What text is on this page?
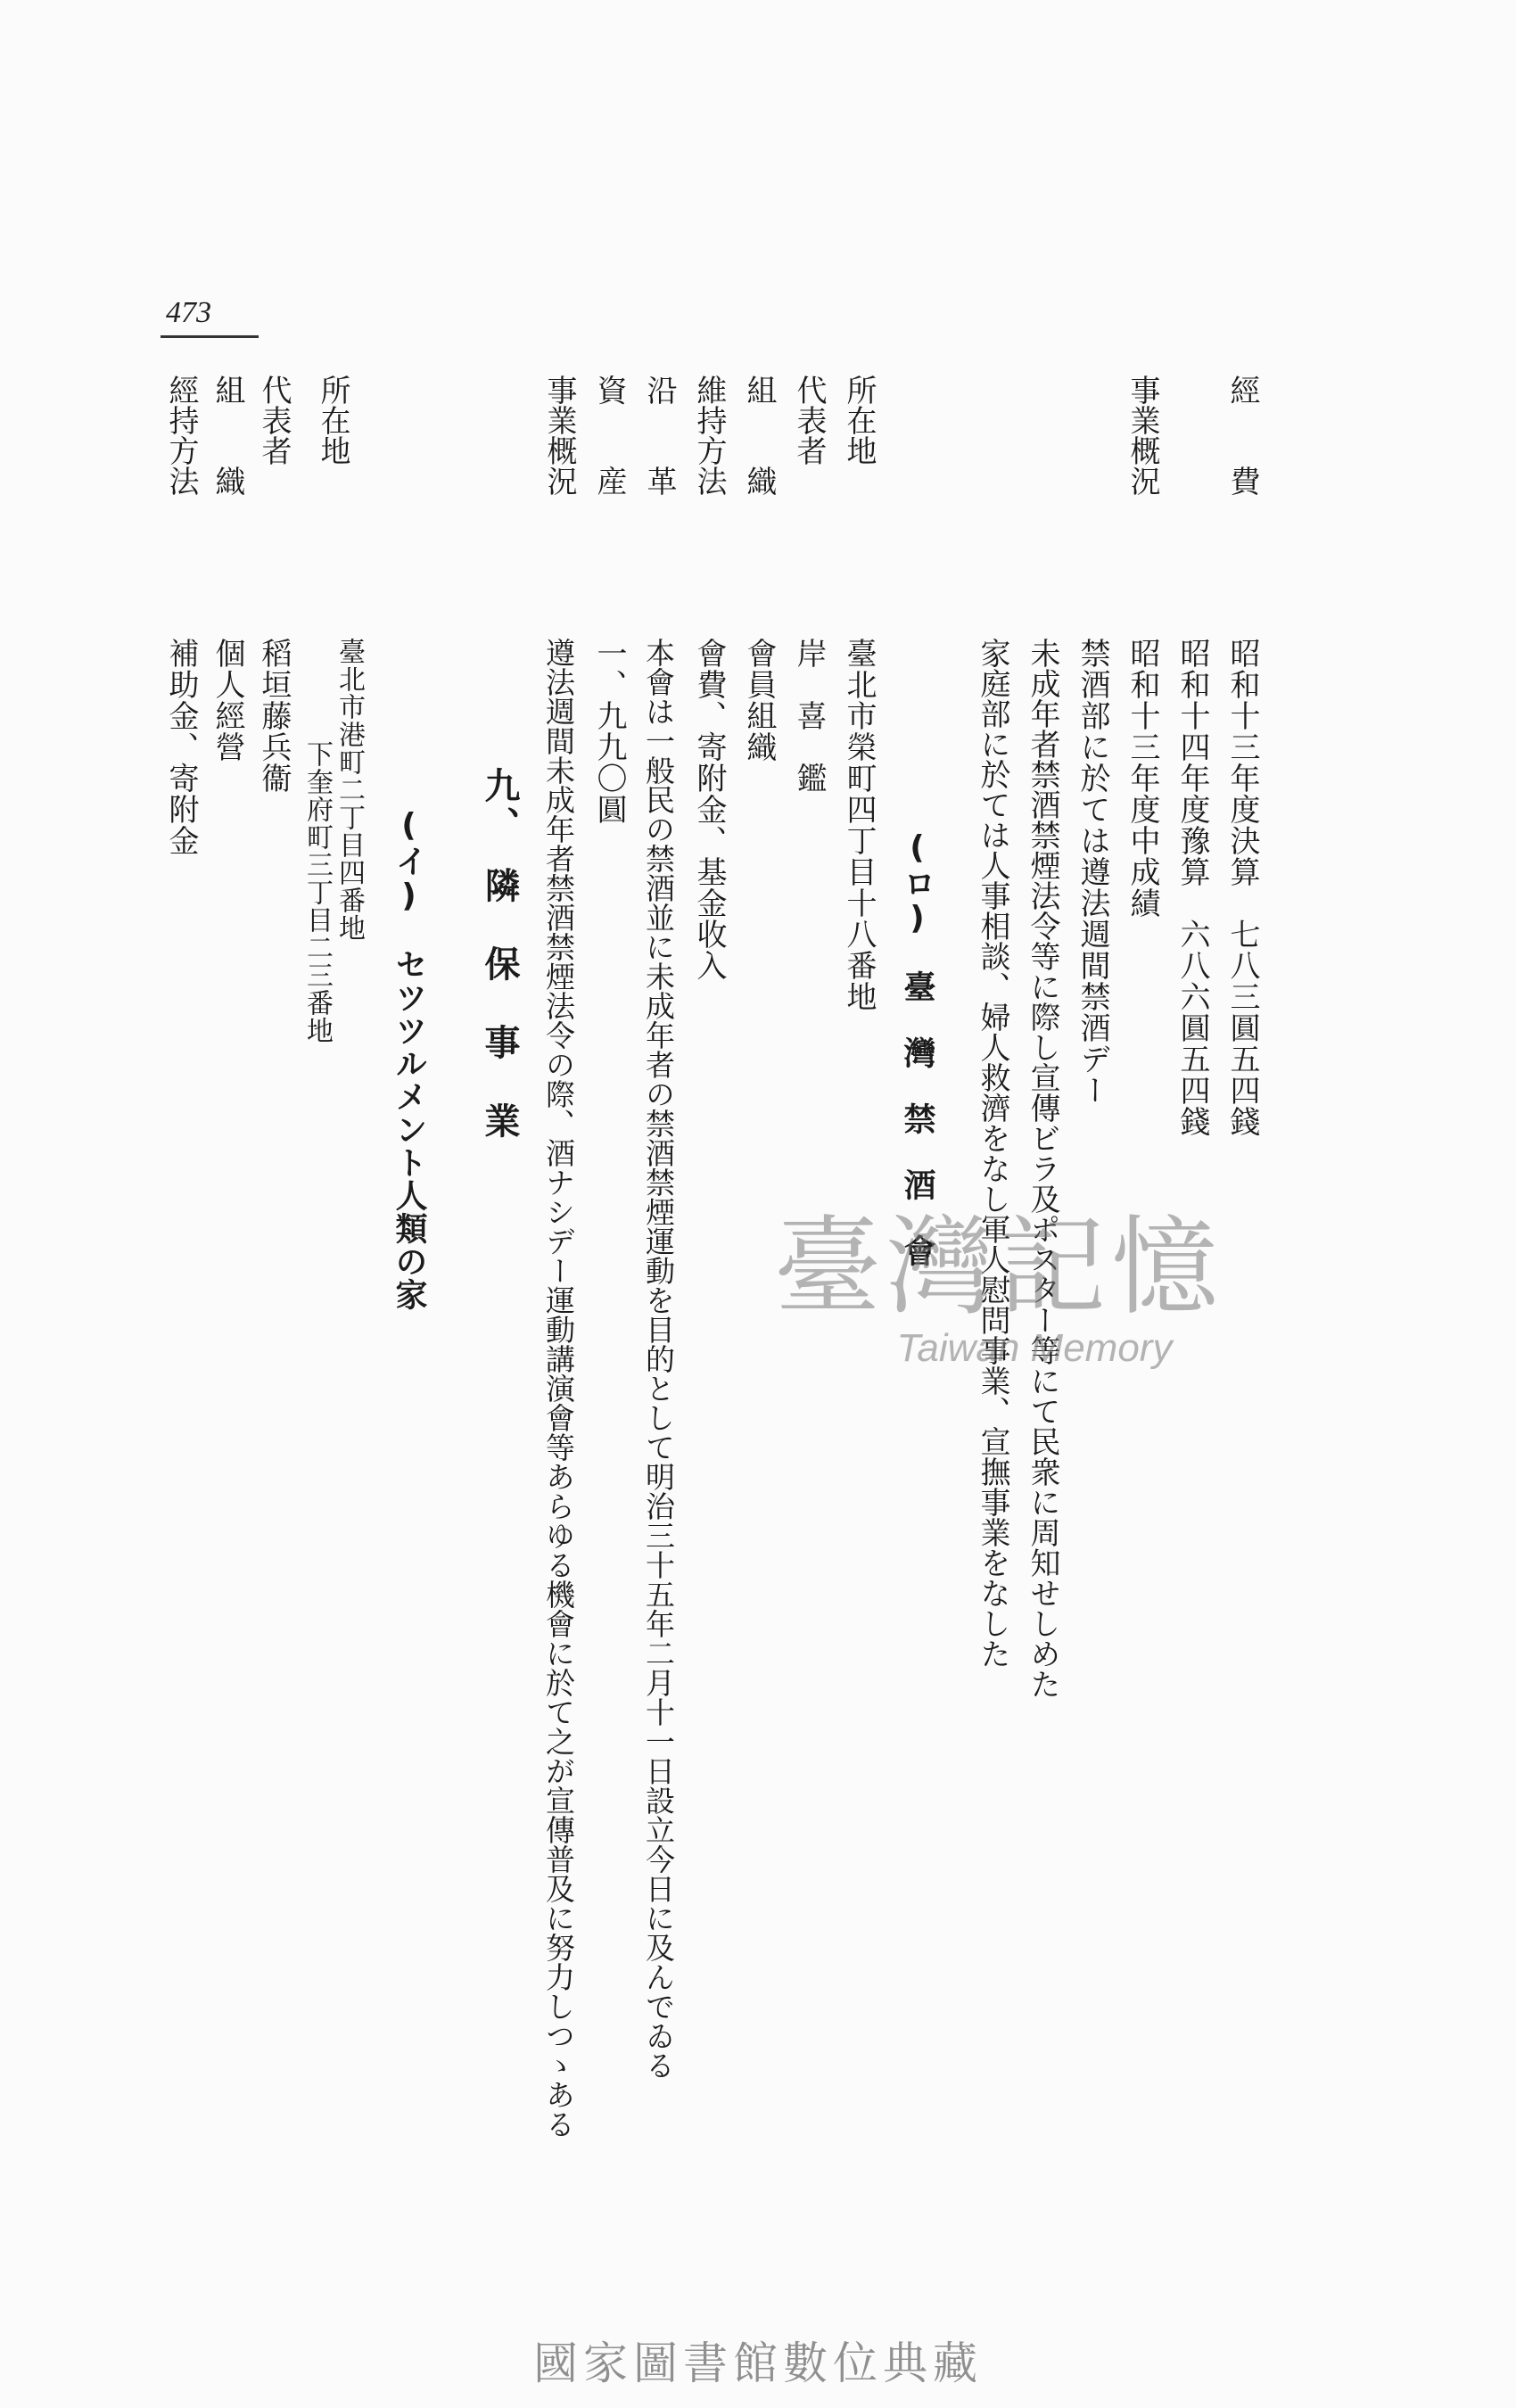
473
經　　費
昭和十三年度決算　七八三圓五四錢
昭和十四年度豫算　六八六圓五四錢
事業概況
昭和十三年度中成績
禁酒部に於ては遵法週間禁酒デー
未成年者禁酒禁煙法令等に際し宣傳ビラ及ポスター等にて民衆に周知せしめた
家庭部に於ては人事相談、婦人救濟をなし軍人慰問事業、宣撫事業をなした
(ロ)　臺　灣　禁　酒　會
所在地
臺北市榮町四丁目十八番地
代表者
岸　喜　鑑
組　　織
會員組織
維持方法
會費、寄附金、基金收入
沿　　革
本會は一般民の禁酒並に未成年者の禁酒禁煙運動を目的として明治三十五年二月十一日設立今日に及んでゐる
資　　産
一、九九〇圓
事業概況
遵法週間未成年者禁酒禁煙法令の際、酒ナシデー運動講演會等あらゆる機會に於て之が宣傳普及に努力しつゝある
九、　隣　保　事　業
(イ)　セツツルメント人類の家
所在地
臺北市港町二丁目四番地
下奎府町三丁目二三番地
代表者
稻垣藤兵衞
組　　織
個人經營
經持方法
補助金、寄附金
臺灣記憶
Taiwan Memory
國家圖書館數位典藏
